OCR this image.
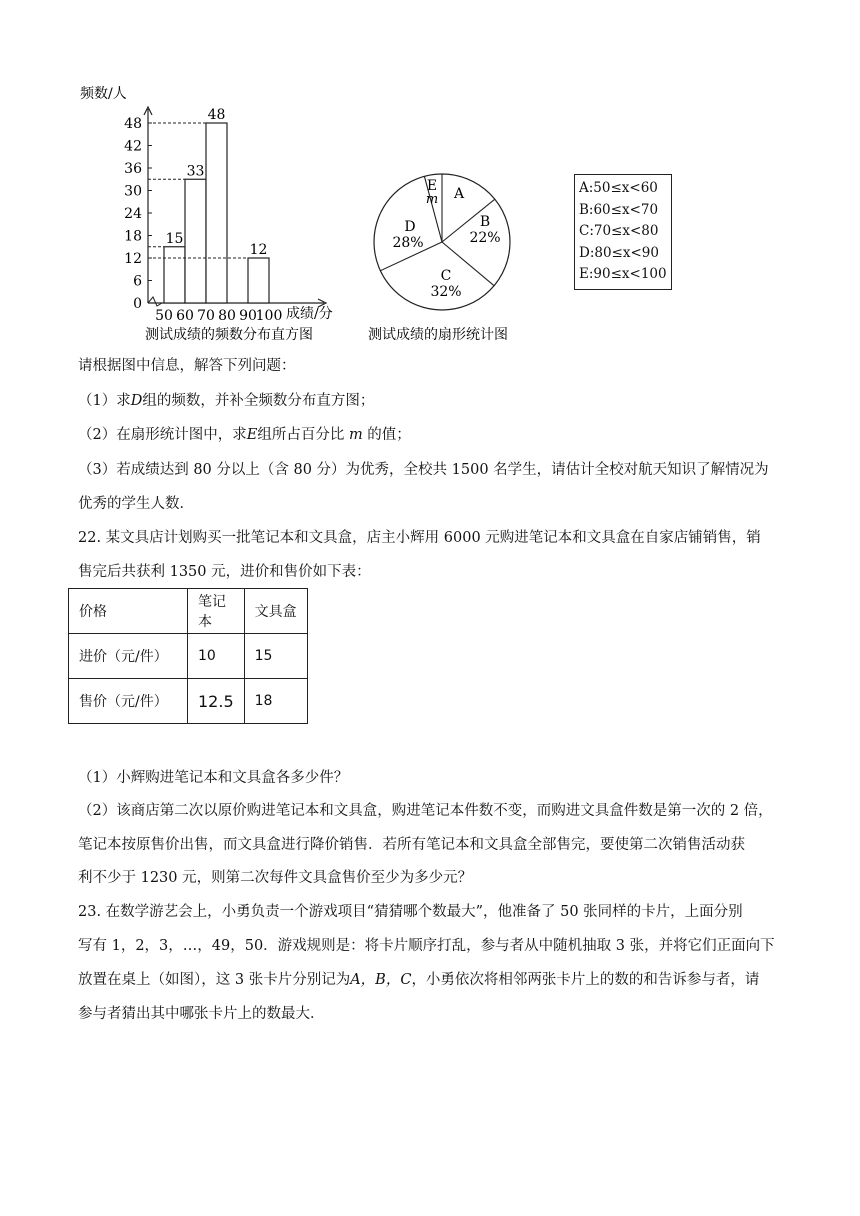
0
6
12
18
24
30
36
42
48
50 60 70 80 90
100
15
33
48
12
频数/人
成绩/分
测试成绩的频数分布直方图
A
B
22%
C
32%
D
28%
E
m
测试成绩的扇形统计图
A:50≤x<60
B:60≤x<70
C:70≤x<80
D:80≤x<90
E:90≤x<100
请根据图中信息，解答下列问题：
（1）求D组的频数，并补全频数分布直方图；
（2）在扇形统计图中，求E组所占百分比 m 的值；
（3）若成绩达到 80 分以上（含 80 分）为优秀，全校共 1500 名学生，请估计全校对航天知识了解情况为
优秀的学生人数．
22. 某文具店计划购买一批笔记本和文具盒，店主小辉用 6000 元购进笔记本和文具盒在自家店铺销售，销
售完后共获利 1350 元，进价和售价如下表：
价格	笔记本	文具盒
进价（元/件）	10	15
售价（元/件）	12.5	18
（1）小辉购进笔记本和文具盒各多少件？
（2）该商店第二次以原价购进笔记本和文具盒，购进笔记本件数不变，而购进文具盒件数是第一次的 2 倍，
笔记本按原售价出售，而文具盒进行降价销售．若所有笔记本和文具盒全部售完，要使第二次销售活动获
利不少于 1230 元，则第二次每件文具盒售价至少为多少元？
23. 在数学游艺会上，小勇负责一个游戏项目“猜猜哪个数最大”，他准备了 50 张同样的卡片，上面分别
写有 1，2，3，…，49，50．游戏规则是：将卡片顺序打乱，参与者从中随机抽取 3 张，并将它们正面向下
放置在桌上（如图），这 3 张卡片分别记为A，B，C，小勇依次将相邻两张卡片上的数的和告诉参与者，请
参与者猜出其中哪张卡片上的数最大．
